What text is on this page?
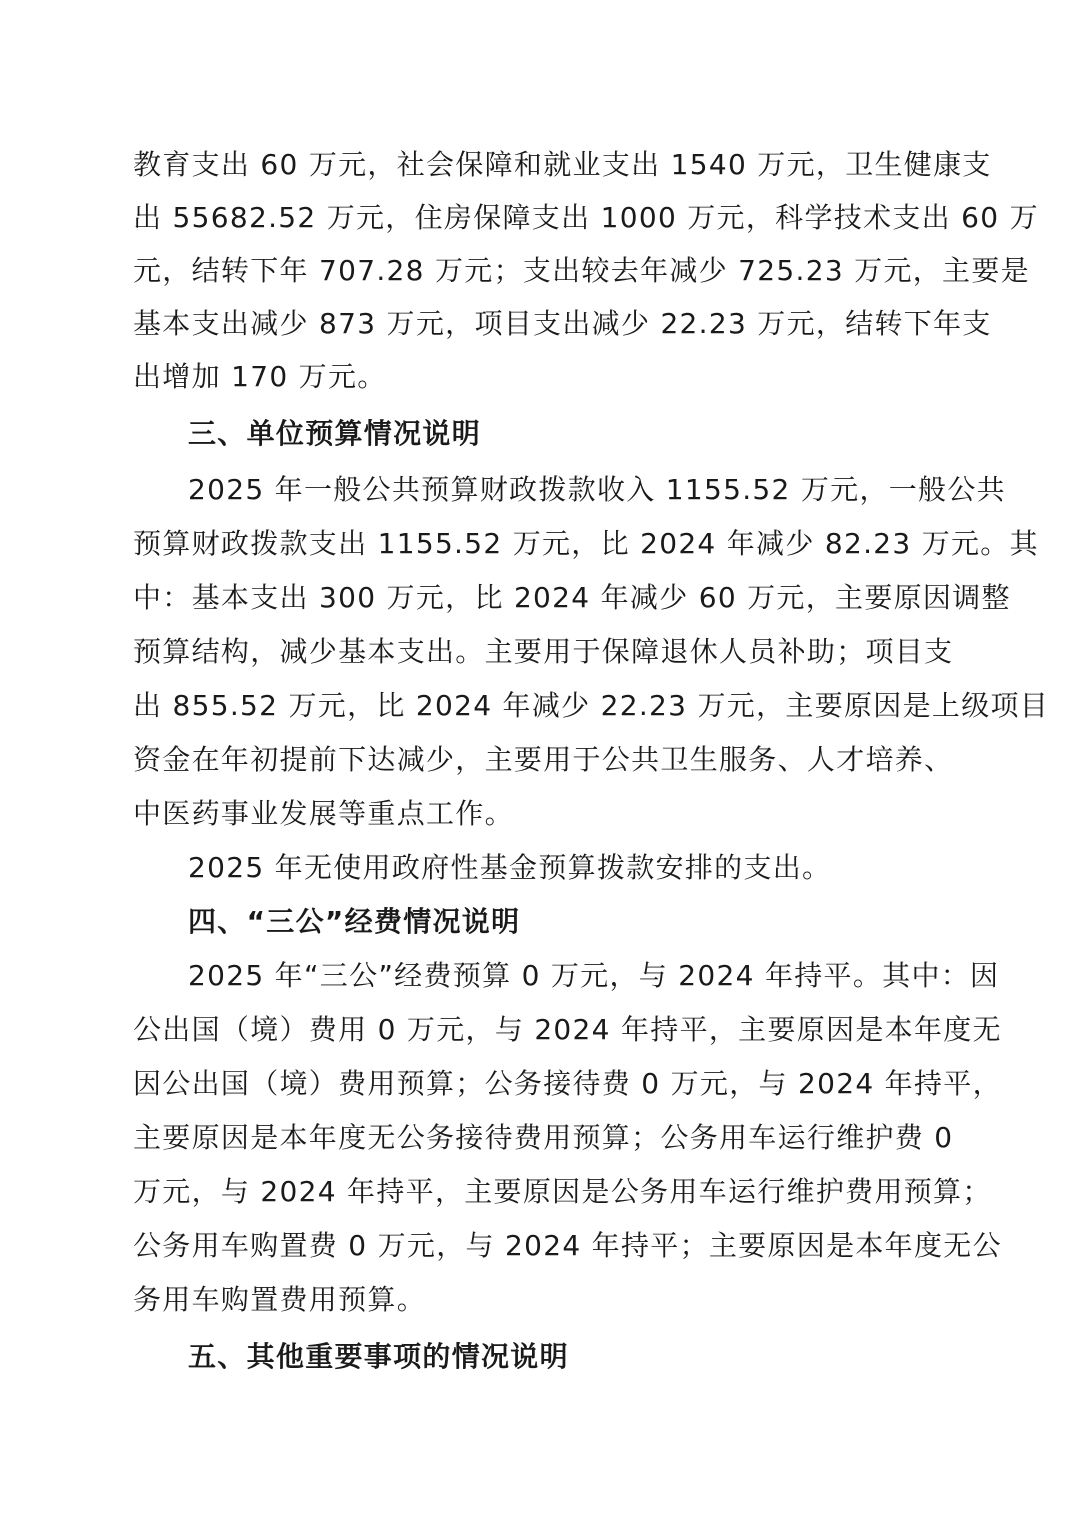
教育支出 60 万元，社会保障和就业支出 1540 万元，卫生健康支
出 55682.52 万元，住房保障支出 1000 万元，科学技术支出 60 万
元，结转下年 707.28 万元；支出较去年减少 725.23 万元，主要是
基本支出减少 873 万元，项目支出减少 22.23 万元，结转下年支
出增加 170 万元。
三、单位预算情况说明
2025 年一般公共预算财政拨款收入 1155.52 万元，一般公共
预算财政拨款支出 1155.52 万元，比 2024 年减少 82.23 万元。其
中：基本支出 300 万元，比 2024 年减少 60 万元，主要原因调整
预算结构，减少基本支出。主要用于保障退休人员补助；项目支
出 855.52 万元，比 2024 年减少 22.23 万元，主要原因是上级项目
资金在年初提前下达减少，主要用于公共卫生服务、人才培养、
中医药事业发展等重点工作。
2025 年无使用政府性基金预算拨款安排的支出。
四、“三公”经费情况说明
2025 年“三公”经费预算 0 万元，与 2024 年持平。其中：因
公出国（境）费用 0 万元，与 2024 年持平，主要原因是本年度无
因公出国（境）费用预算；公务接待费 0 万元，与 2024 年持平，
主要原因是本年度无公务接待费用预算；公务用车运行维护费 0
万元，与 2024 年持平，主要原因是公务用车运行维护费用预算；
公务用车购置费 0 万元，与 2024 年持平；主要原因是本年度无公
务用车购置费用预算。
五、其他重要事项的情况说明
